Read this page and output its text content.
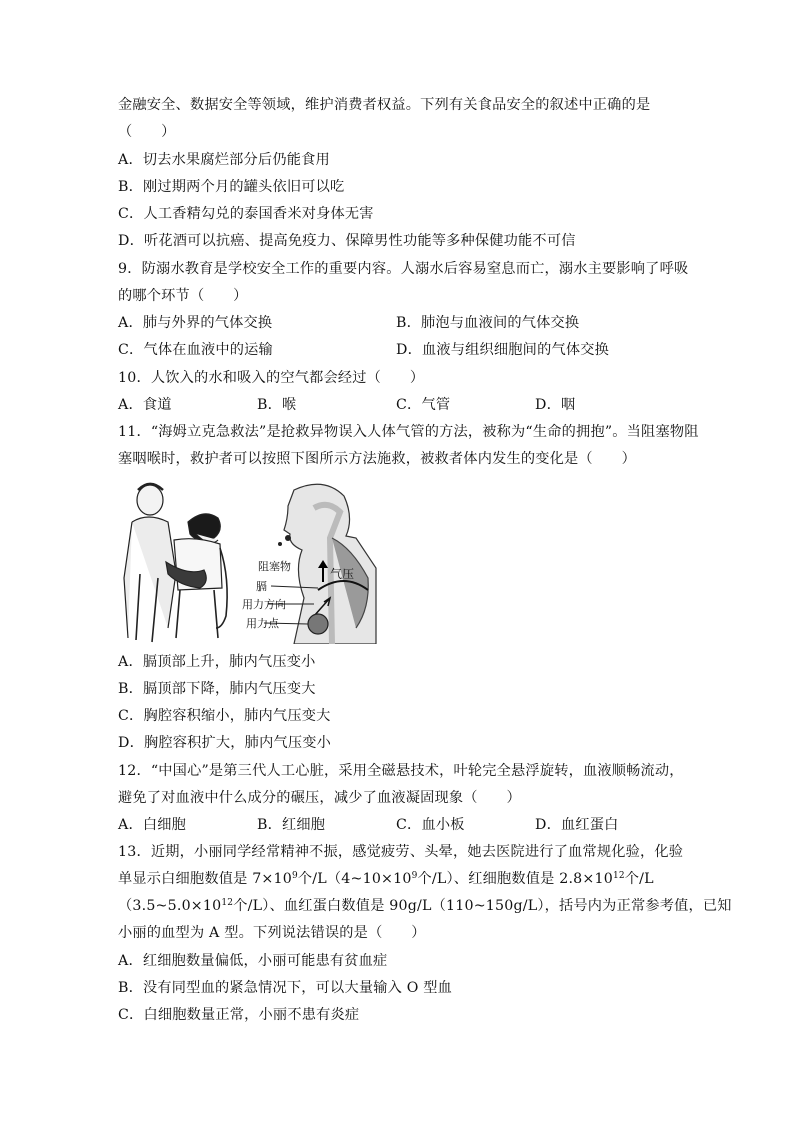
金融安全、数据安全等领域，维护消费者权益。下列有关食品安全的叙述中正确的是
（　　）
A．切去水果腐烂部分后仍能食用
B．刚过期两个月的罐头依旧可以吃
C．人工香精勾兑的泰国香米对身体无害
D．听花酒可以抗癌、提高免疫力、保障男性功能等多种保健功能不可信
9．防溺水教育是学校安全工作的重要内容。人溺水后容易窒息而亡，溺水主要影响了呼吸
的哪个环节（　　）
A．肺与外界的气体交换	B．肺泡与血液间的气体交换
C．气体在血液中的运输	D．血液与组织细胞间的气体交换
10．人饮入的水和吸入的空气都会经过（　　）
A．食道	B．喉	C．气管	D．咽
11．“海姆立克急救法”是抢救异物误入人体气管的方法，被称为“生命的拥抱”。当阻塞物阻
塞咽喉时，救护者可以按照下图所示方法施救，被救者体内发生的变化是（　　）
阻塞物
气压
膈
用力方向
用力点
A．膈顶部上升，肺内气压变小
B．膈顶部下降，肺内气压变大
C．胸腔容积缩小，肺内气压变大
D．胸腔容积扩大，肺内气压变小
12．“中国心”是第三代人工心脏，采用全磁悬技术，叶轮完全悬浮旋转，血液顺畅流动，
避免了对血液中什么成分的碾压，减少了血液凝固现象（　　）
A．白细胞	B．红细胞	C．血小板	D．血红蛋白
13．近期，小丽同学经常精神不振，感觉疲劳、头晕，她去医院进行了血常规化验，化验
单显示白细胞数值是 $7\times 10^9$个$/L(4\sim 10\times 10^9$个/L）、红细胞数值是 $2.8\times 10^{12}$个/L
（$3.5\sim 5.0\times 10^{12}$个/L）、血红蛋白数值是 90g/L（110~150g/L），括号内为正常参考值，已知
小丽的血型为 A 型。下列说法错误的是（　　）
A．红细胞数量偏低，小丽可能患有贫血症
B．没有同型血的紧急情况下，可以大量输入 O 型血
C．白细胞数量正常，小丽不患有炎症
